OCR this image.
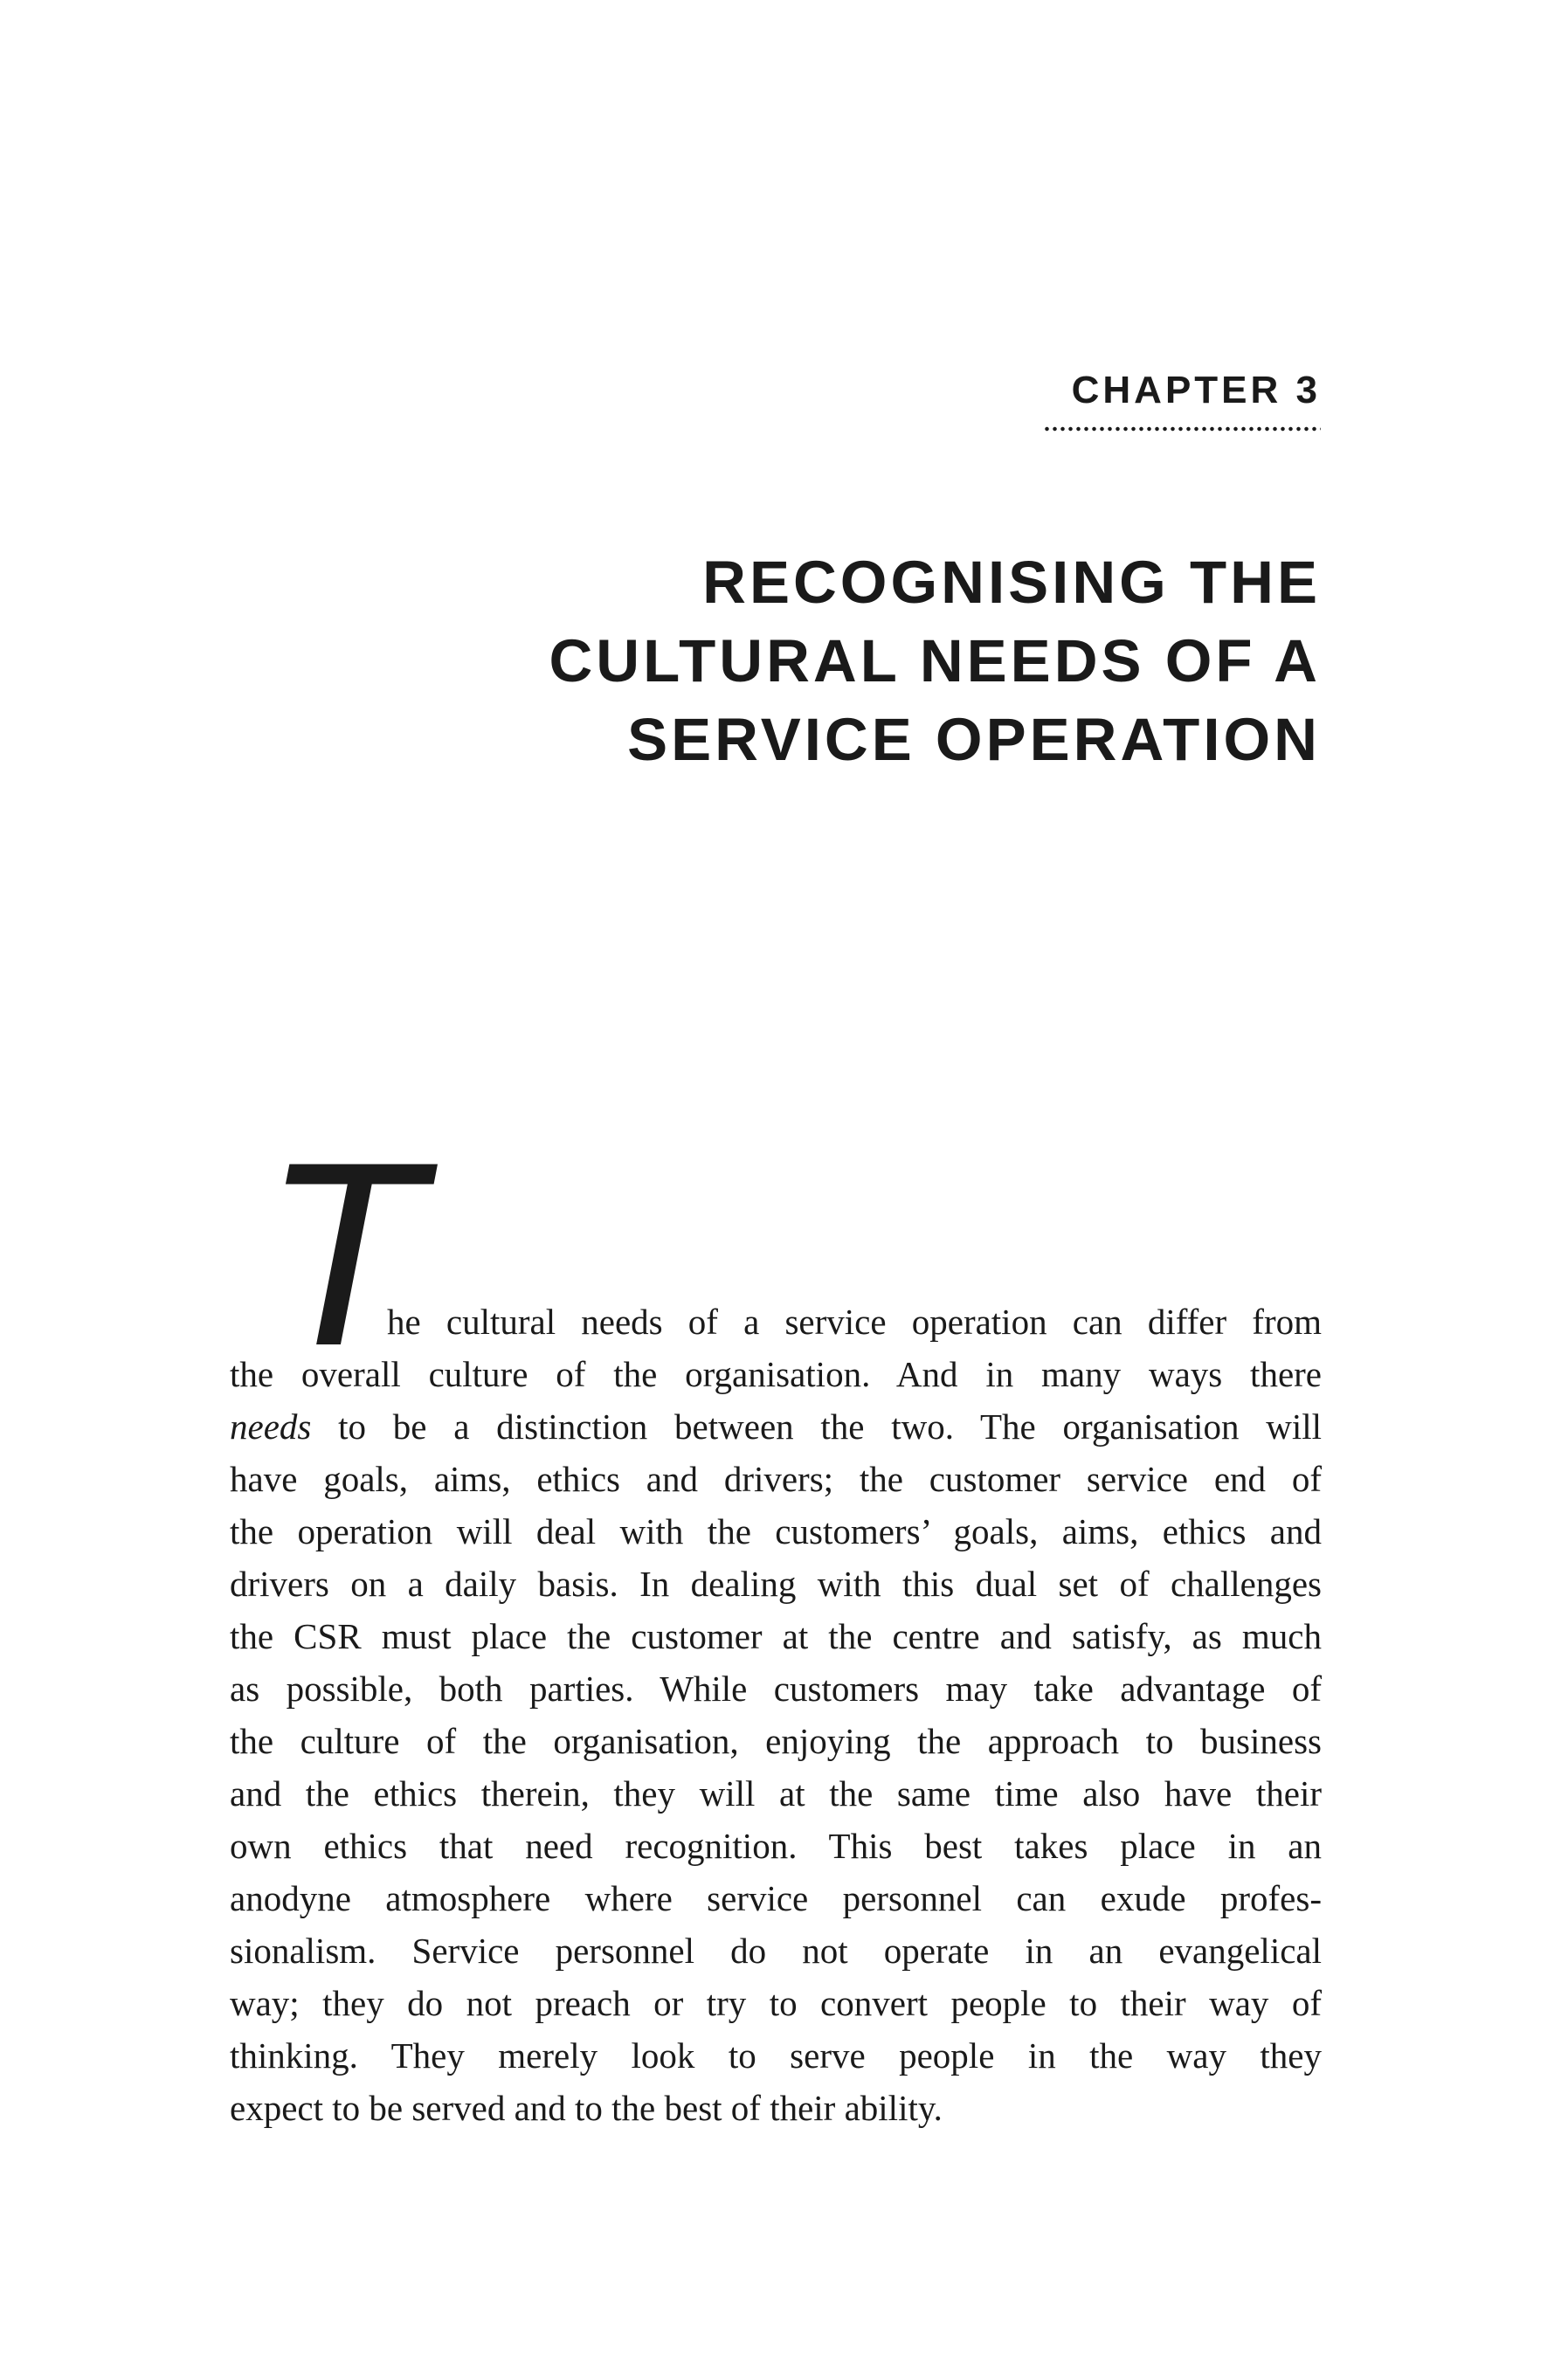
CHAPTER 3
RECOGNISING THE
CULTURAL NEEDS OF A
SERVICE OPERATION
T
he cultural needs of a service operation can differ from
the overall culture of the organisation. And in many ways there
needs to be a distinction between the two. The organisation will
have goals, aims, ethics and drivers; the customer service end of
the operation will deal with the customers’ goals, aims, ethics and
drivers on a daily basis. In dealing with this dual set of challenges
the CSR must place the customer at the centre and satisfy, as much
as possible, both parties. While customers may take advantage of
the culture of the organisation, enjoying the approach to business
and the ethics therein, they will at the same time also have their
own ethics that need recognition. This best takes place in an
anodyne atmosphere where service personnel can exude profes-
sionalism. Service personnel do not operate in an evangelical
way; they do not preach or try to convert people to their way of
thinking. They merely look to serve people in the way they
expect to be served and to the best of their ability.
